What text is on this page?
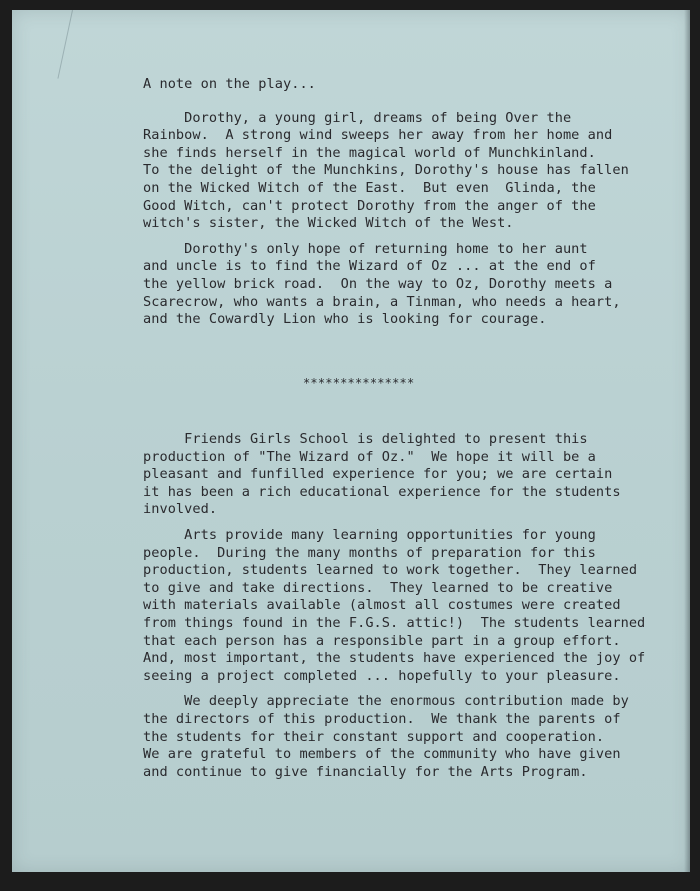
A note on the play...
Dorothy, a young girl, dreams of being Over the
Rainbow.  A strong wind sweeps her away from her home and
she finds herself in the magical world of Munchkinland.
To the delight of the Munchkins, Dorothy's house has fallen
on the Wicked Witch of the East.  But even  Glinda, the
Good Witch, can't protect Dorothy from the anger of the
witch's sister, the Wicked Witch of the West.
Dorothy's only hope of returning home to her aunt
and uncle is to find the Wizard of Oz ... at the end of
the yellow brick road.  On the way to Oz, Dorothy meets a
Scarecrow, who wants a brain, a Tinman, who needs a heart,
and the Cowardly Lion who is looking for courage.
***************
Friends Girls School is delighted to present this
production of "The Wizard of Oz."  We hope it will be a
pleasant and funfilled experience for you; we are certain
it has been a rich educational experience for the students
involved.
Arts provide many learning opportunities for young
people.  During the many months of preparation for this
production, students learned to work together.  They learned
to give and take directions.  They learned to be creative
with materials available (almost all costumes were created
from things found in the F.G.S. attic!)  The students learned
that each person has a responsible part in a group effort.
And, most important, the students have experienced the joy of
seeing a project completed ... hopefully to your pleasure.
We deeply appreciate the enormous contribution made by
the directors of this production.  We thank the parents of
the students for their constant support and cooperation.
We are grateful to members of the community who have given
and continue to give financially for the Arts Program.
